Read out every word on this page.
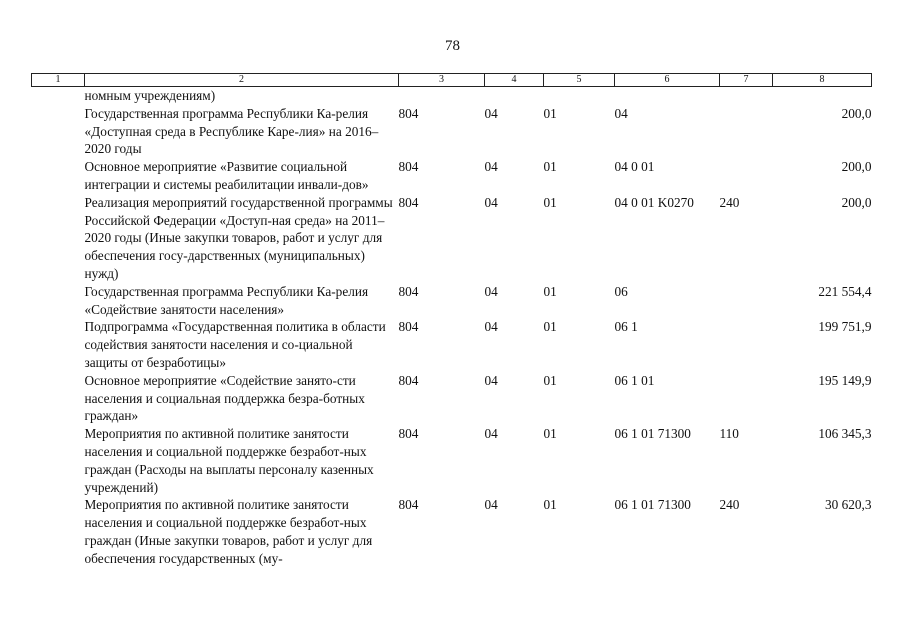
78
1	2	3	4	5	6	7	8
	номным учреждениям)						
	Государственная программа Республики Ка-релия «Доступная среда в Республике Каре-лия» на 2016–2020 годы	804	04	01	04		200,0
	Основное мероприятие «Развитие социальной интеграции и системы реабилитации инвали-дов»	804	04	01	04 0 01		200,0
	Реализация мероприятий государственной программы Российской Федерации «Доступ-ная среда» на 2011–2020 годы (Иные закупки товаров, работ и услуг для обеспечения госу-дарственных (муниципальных) нужд)	804	04	01	04 0 01 K0270	240	200,0
	Государственная программа Республики Ка-релия «Содействие занятости населения»	804	04	01	06		221 554,4
	Подпрограмма «Государственная политика в области содействия занятости населения и со-циальной защиты от безработицы»	804	04	01	06 1		199 751,9
	Основное мероприятие «Содействие занято-сти населения и социальная поддержка безра-ботных граждан»	804	04	01	06 1 01		195 149,9
	Мероприятия по активной политике занятости населения и социальной поддержке безработ-ных граждан (Расходы на выплаты персоналу казенных учреждений)	804	04	01	06 1 01 71300	110	106 345,3
	Мероприятия по активной политике занятости населения и социальной поддержке безработ-ных граждан (Иные закупки товаров, работ и услуг для обеспечения государственных (му-	804	04	01	06 1 01 71300	240	30 620,3
